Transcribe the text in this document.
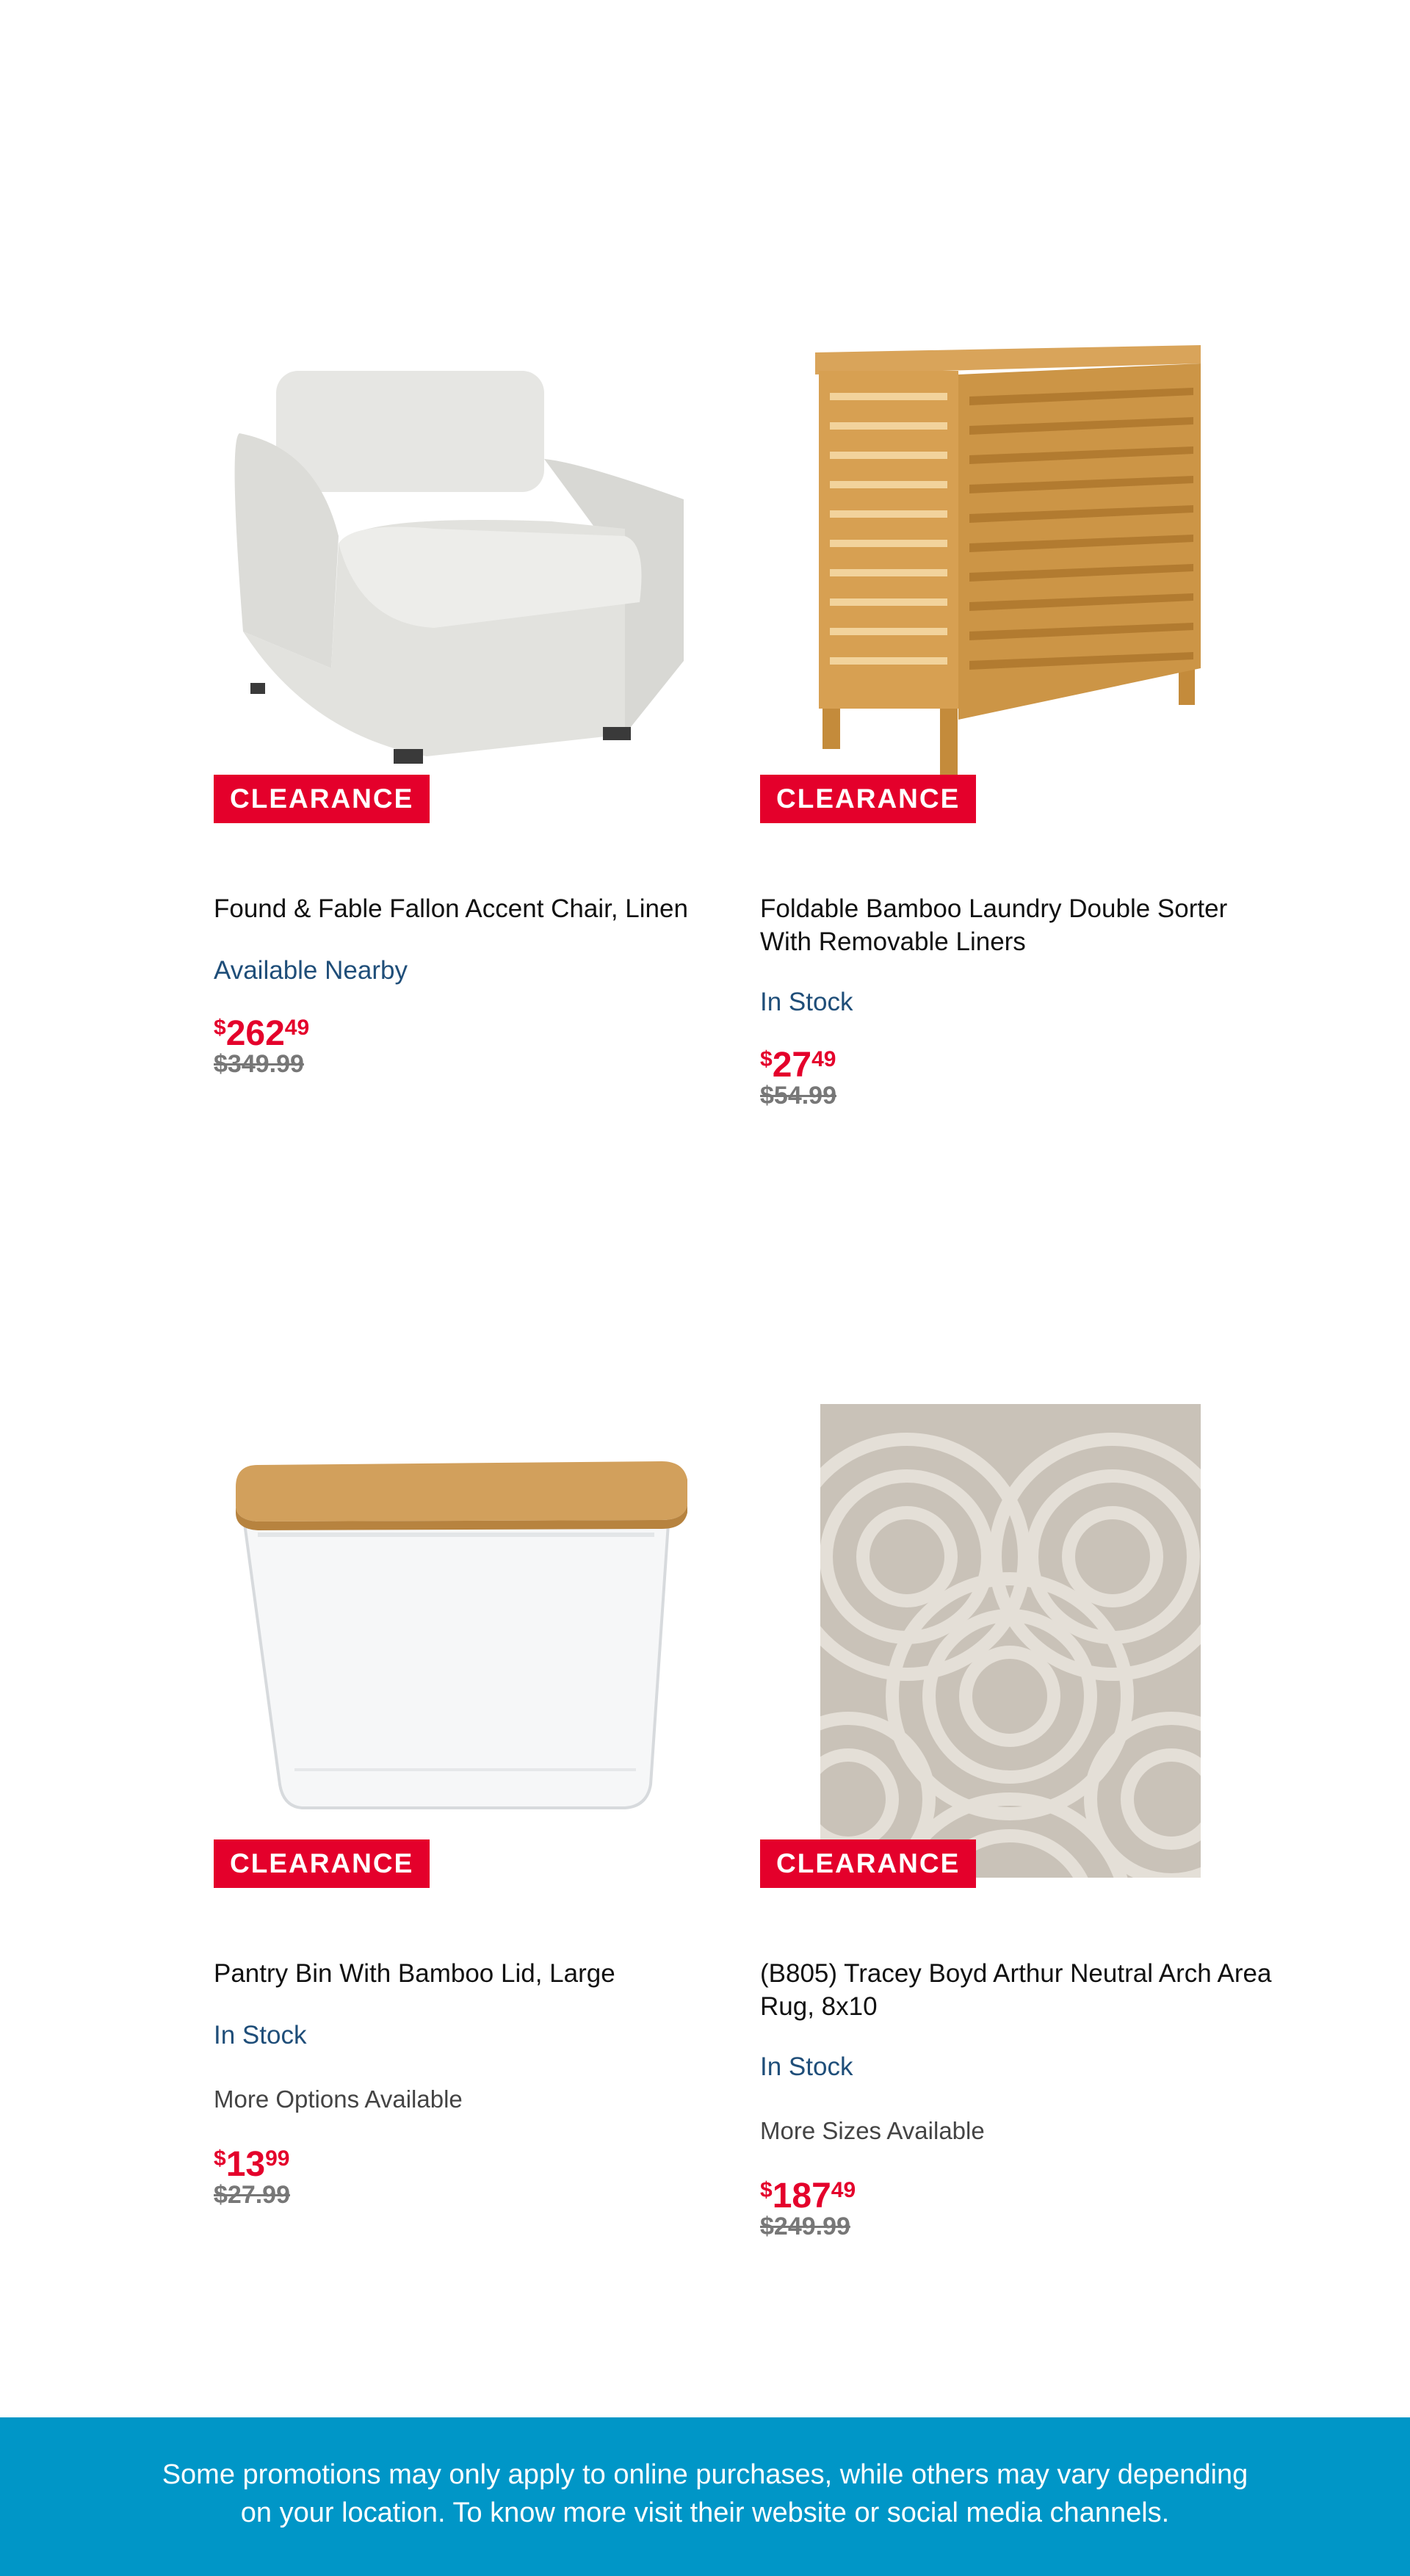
CLEARANCE

Found & Fable Fallon Accent Chair, Linen

Available Nearby
$^{\$}262^{49}$
$349.99
CLEARANCE

Foldable Bamboo Laundry Double Sorter With Removable Liners

In Stock
$^{\$}27^{49}$
$54.99
CLEARANCE

Pantry Bin With Bamboo Lid, Large

In Stock
More Options Available
$^{\$}13^{99}$
$27.99
CLEARANCE

(B805) Tracey Boyd Arthur Neutral Arch Area Rug, 8x10

In Stock
More Sizes Available
$^{\$}187^{49}$
$249.99

Some promotions may only apply to online purchases, while others may vary depending
on your location. To know more visit their website or social media channels.
